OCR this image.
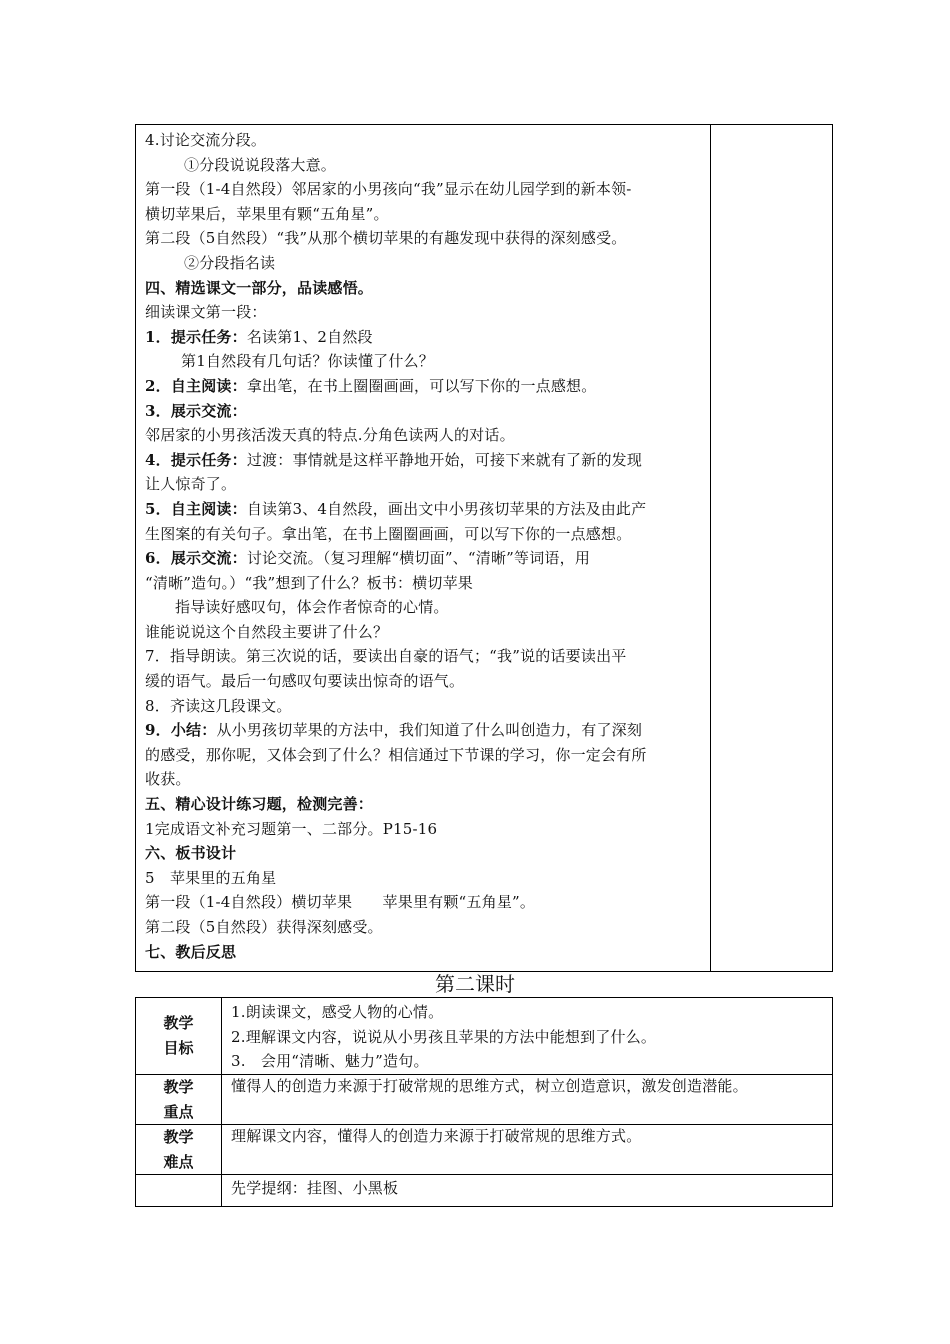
4.讨论交流分段。
①分段说说段落大意。
第一段（1-4自然段）邻居家的小男孩向“我”显示在幼儿园学到的新本领-
横切苹果后，苹果里有颗“五角星”。
第二段（5自然段）“我”从那个横切苹果的有趣发现中获得的深刻感受。
②分段指名读
四、精选课文一部分，品读感悟。
细读课文第一段：
1．提示任务：名读第1、2自然段
第1自然段有几句话？你读懂了什么？
2．自主阅读：拿出笔，在书上圈圈画画，可以写下你的一点感想。
3．展示交流：
邻居家的小男孩活泼天真的特点.分角色读两人的对话。
4．提示任务：过渡：事情就是这样平静地开始，可接下来就有了新的发现
让人惊奇了。
5．自主阅读：自读第3、4自然段，画出文中小男孩切苹果的方法及由此产
生图案的有关句子。拿出笔，在书上圈圈画画，可以写下你的一点感想。
6．展示交流：讨论交流。（复习理解“横切面”、“清晰”等词语，用
“清晰”造句。）“我”想到了什么？板书：横切苹果
指导读好感叹句，体会作者惊奇的心情。
谁能说说这个自然段主要讲了什么？
7．指导朗读。第三次说的话，要读出自豪的语气；“我”说的话要读出平
缓的语气。最后一句感叹句要读出惊奇的语气。
8．齐读这几段课文。
9．小结：从小男孩切苹果的方法中，我们知道了什么叫创造力，有了深刻
的感受，那你呢，又体会到了什么？相信通过下节课的学习，你一定会有所
收获。
五、精心设计练习题，检测完善：
1完成语文补充习题第一、二部分。P15-16
六、板书设计
5　苹果里的五角星
第一段（1-4自然段）横切苹果　　苹果里有颗“五角星”。
第二段（5自然段）获得深刻感受。
七、教后反思
第二课时
教学
目标
1.朗读课文，感受人物的心情。
2.理解课文内容，说说从小男孩且苹果的方法中能想到了什么。
3.　会用“清晰、魅力”造句。
教学
重点
懂得人的创造力来源于打破常规的思维方式，树立创造意识，激发创造潜能。
教学
难点
理解课文内容，懂得人的创造力来源于打破常规的思维方式。
先学提纲：挂图、小黑板
